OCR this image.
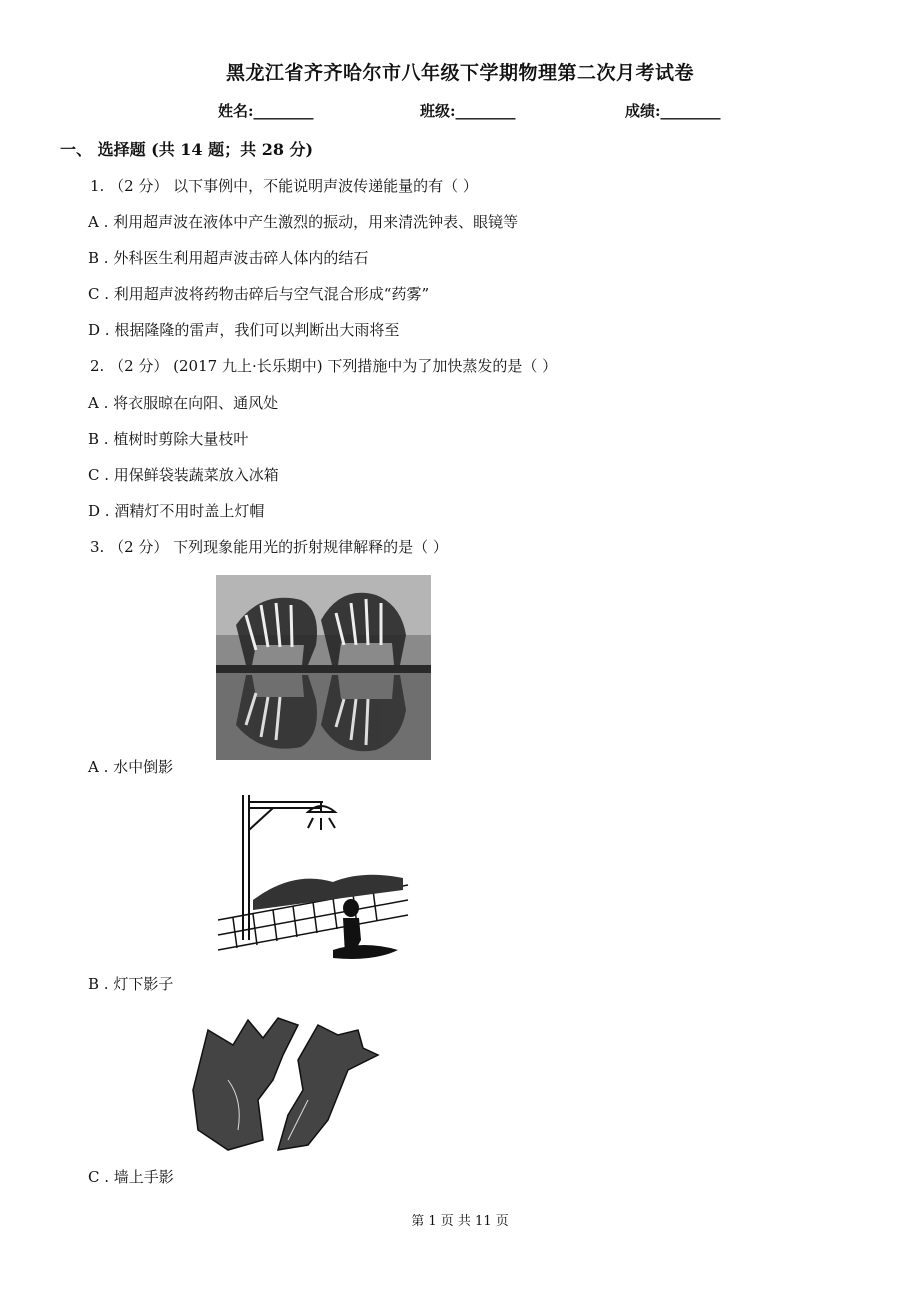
黑龙江省齐齐哈尔市八年级下学期物理第二次月考试卷
姓名:________	班级:________	成绩:________
一、 选择题 (共 14 题；共 28 分)
1. （2 分） 以下事例中，不能说明声波传递能量的有（ ）
A . 利用超声波在液体中产生激烈的振动，用来清洗钟表、眼镜等
B . 外科医生利用超声波击碎人体内的结石
C . 利用超声波将药物击碎后与空气混合形成“药雾”
D . 根据隆隆的雷声，我们可以判断出大雨将至
2. （2 分） (2017 九上·长乐期中) 下列措施中为了加快蒸发的是（ ）
A . 将衣服晾在向阳、通风处
B . 植树时剪除大量枝叶
C . 用保鲜袋装蔬菜放入冰箱
D . 酒精灯不用时盖上灯帽
3. （2 分） 下列现象能用光的折射规律解释的是（ ）
A . 水中倒影
B . 灯下影子
C . 墙上手影
第 1 页 共 11 页
